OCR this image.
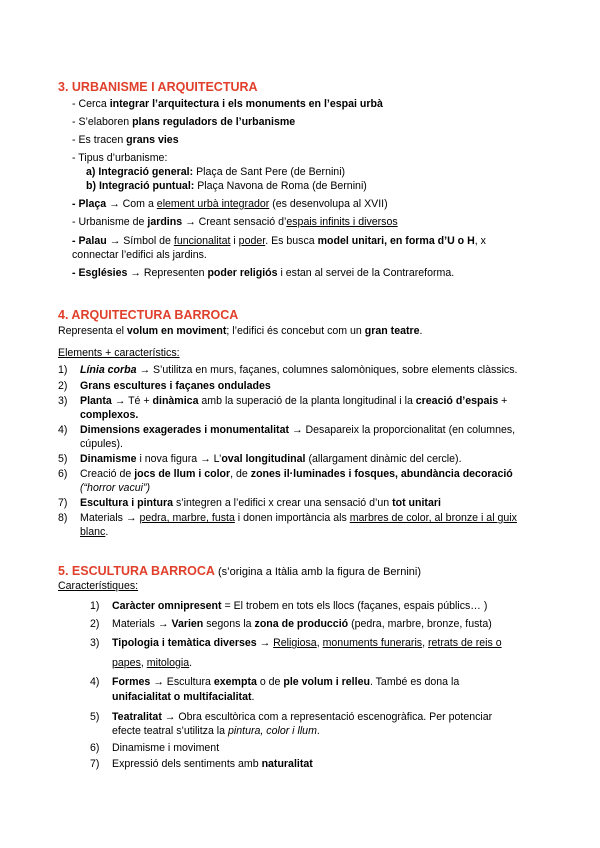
3. URBANISME I ARQUITECTURA
- Cerca integrar l’arquitectura i els monuments en l’espai urbà
- S’elaboren plans reguladors de l’urbanisme
- Es tracen grans vies
- Tipus d’urbanisme:
a) Integració general: Plaça de Sant Pere (de Bernini)
b) Integració puntual: Plaça Navona de Roma (de Bernini)
- Plaça → Com a element urbà integrador (es desenvolupa al XVII)
- Urbanisme de jardins → Creant sensació d’espais infinits i diversos
- Palau → Símbol de funcionalitat i poder. Es busca model unitari, en forma d’U o H, x
connectar l’edifici als jardins.
- Esglésies → Representen poder religiós i estan al servei de la Contrareforma.
4. ARQUITECTURA BARROCA
Representa el volum en moviment; l’edifici és concebut com un gran teatre.
Elements + característics:
1) Línia corba → S’utilitza en murs, façanes, columnes salomòniques, sobre elements clàssics.
2) Grans escultures i façanes ondulades
3) Planta → Té + dinàmica amb la superació de la planta longitudinal i la creació d’espais +
complexos.
4) Dimensions exagerades i monumentalitat → Desapareix la proporcionalitat (en columnes,
cúpules).
5) Dinamisme i nova figura → L’oval longitudinal (allargament dinàmic del cercle).
6) Creació de jocs de llum i color, de zones il·luminades i fosques, abundància decoració
(“horror vacui”)
7) Escultura i pintura s’integren a l’edifici x crear una sensació d’un tot unitari
8) Materials → pedra, marbre, fusta i donen importància als marbres de color, al bronze i al guix
blanc.
5. ESCULTURA BARROCA (s’origina a Itàlia amb la figura de Bernini)
Característiques:
1) Caràcter omnipresent = El trobem en tots els llocs (façanes, espais públics… )
2) Materials → Varien segons la zona de producció (pedra, marbre, bronze, fusta)
3) Tipologia i temàtica diverses → Religiosa, monuments funeraris, retrats de reis o
papes, mitologia.
4) Formes → Escultura exempta o de ple volum i relleu. També es dona la
unifacialitat o multifacialitat.
5) Teatralitat → Obra escultòrica com a representació escenogràfica. Per potenciar
efecte teatral s’utilitza la pintura, color i llum.
6) Dinamisme i moviment
7) Expressió dels sentiments amb naturalitat
